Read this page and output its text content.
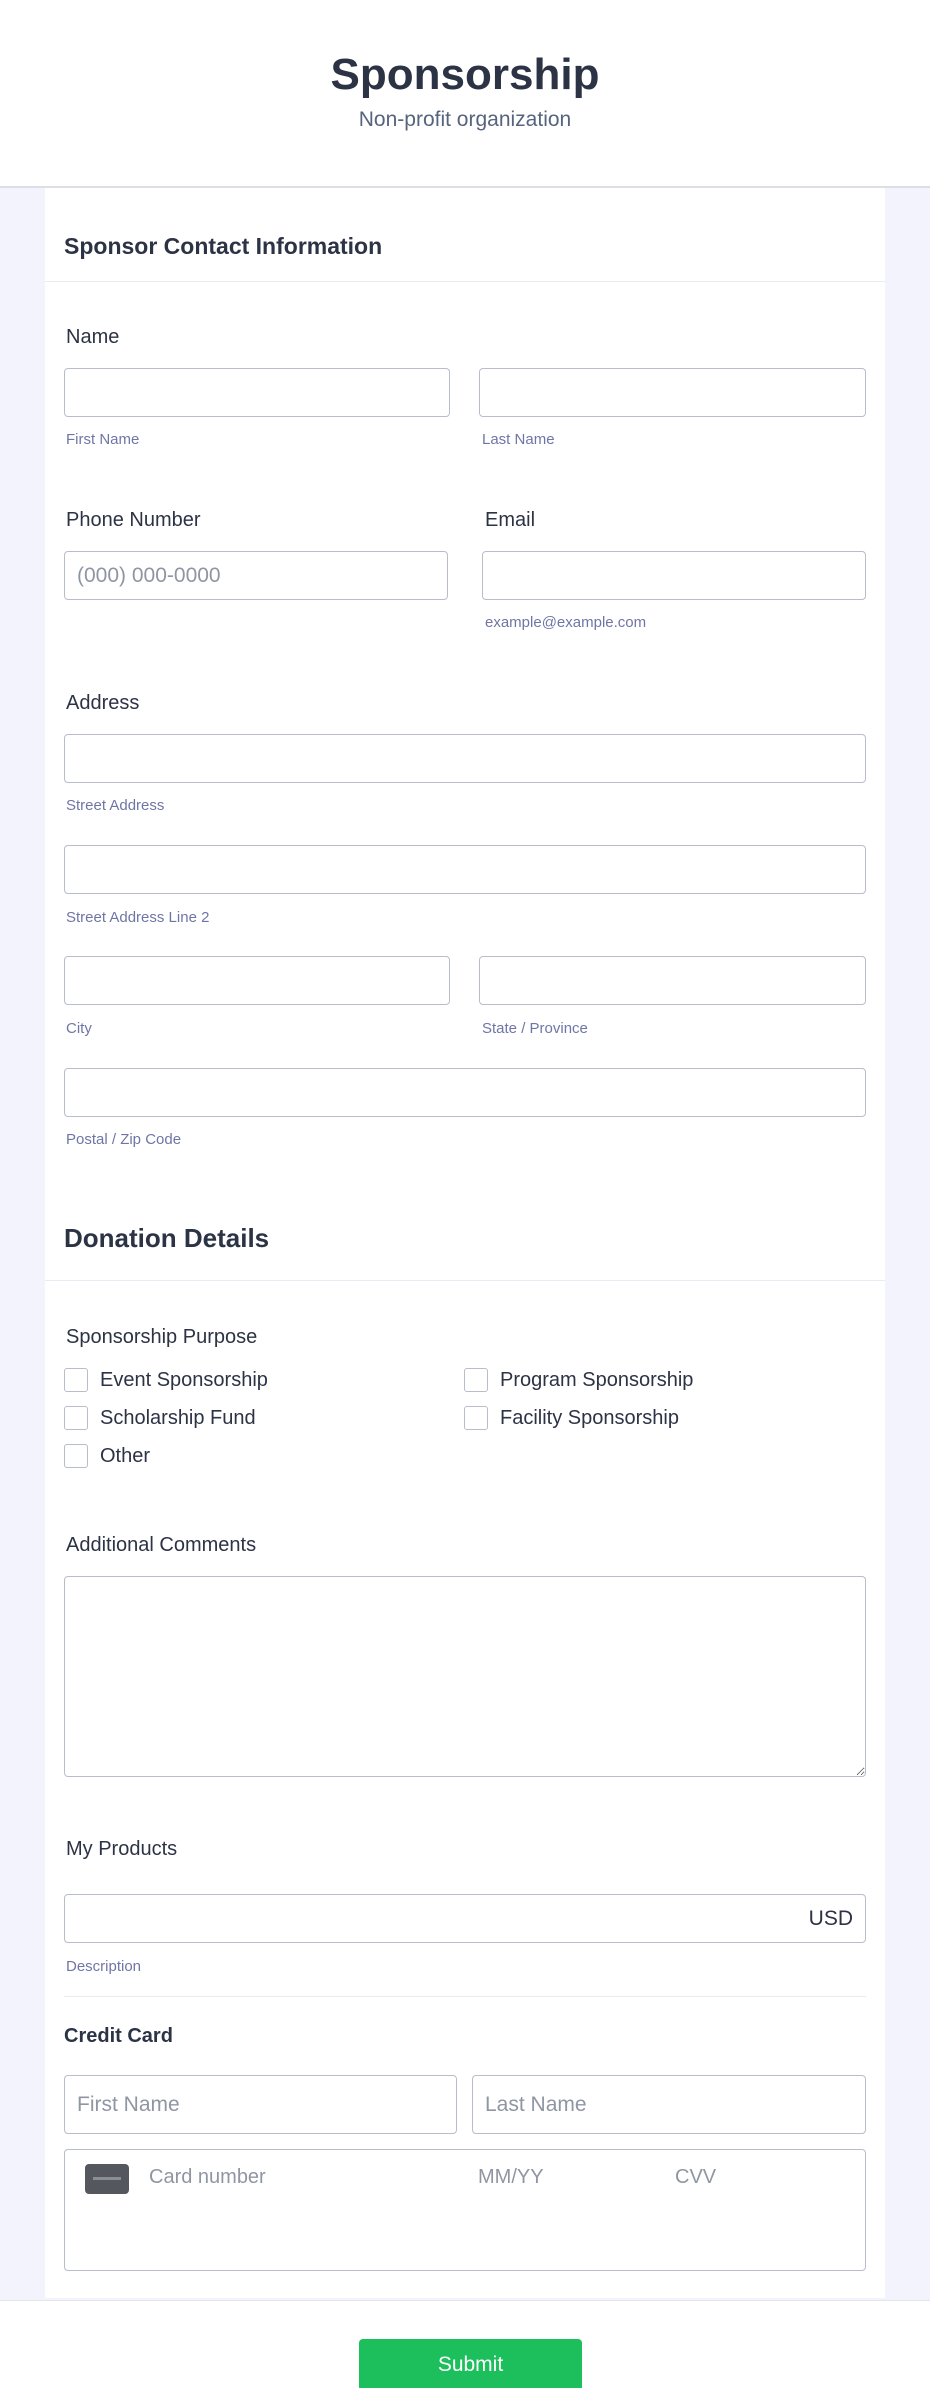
Sponsorship
Non-profit organization
Sponsor Contact Information
Name
First Name	Last Name
Phone Number
(000) 000-0000	Email
example@example.com
Address
Street Address
Street Address Line 2
City	State / Province
Postal / Zip Code
Donation Details
Sponsorship Purpose
Event Sponsorship	Program Sponsorship
Scholarship Fund	Facility Sponsorship
Other
Additional Comments
My Products
USD
Description
Credit Card
First Name
Last Name
Card number	MM/YY	CVV
Submit
